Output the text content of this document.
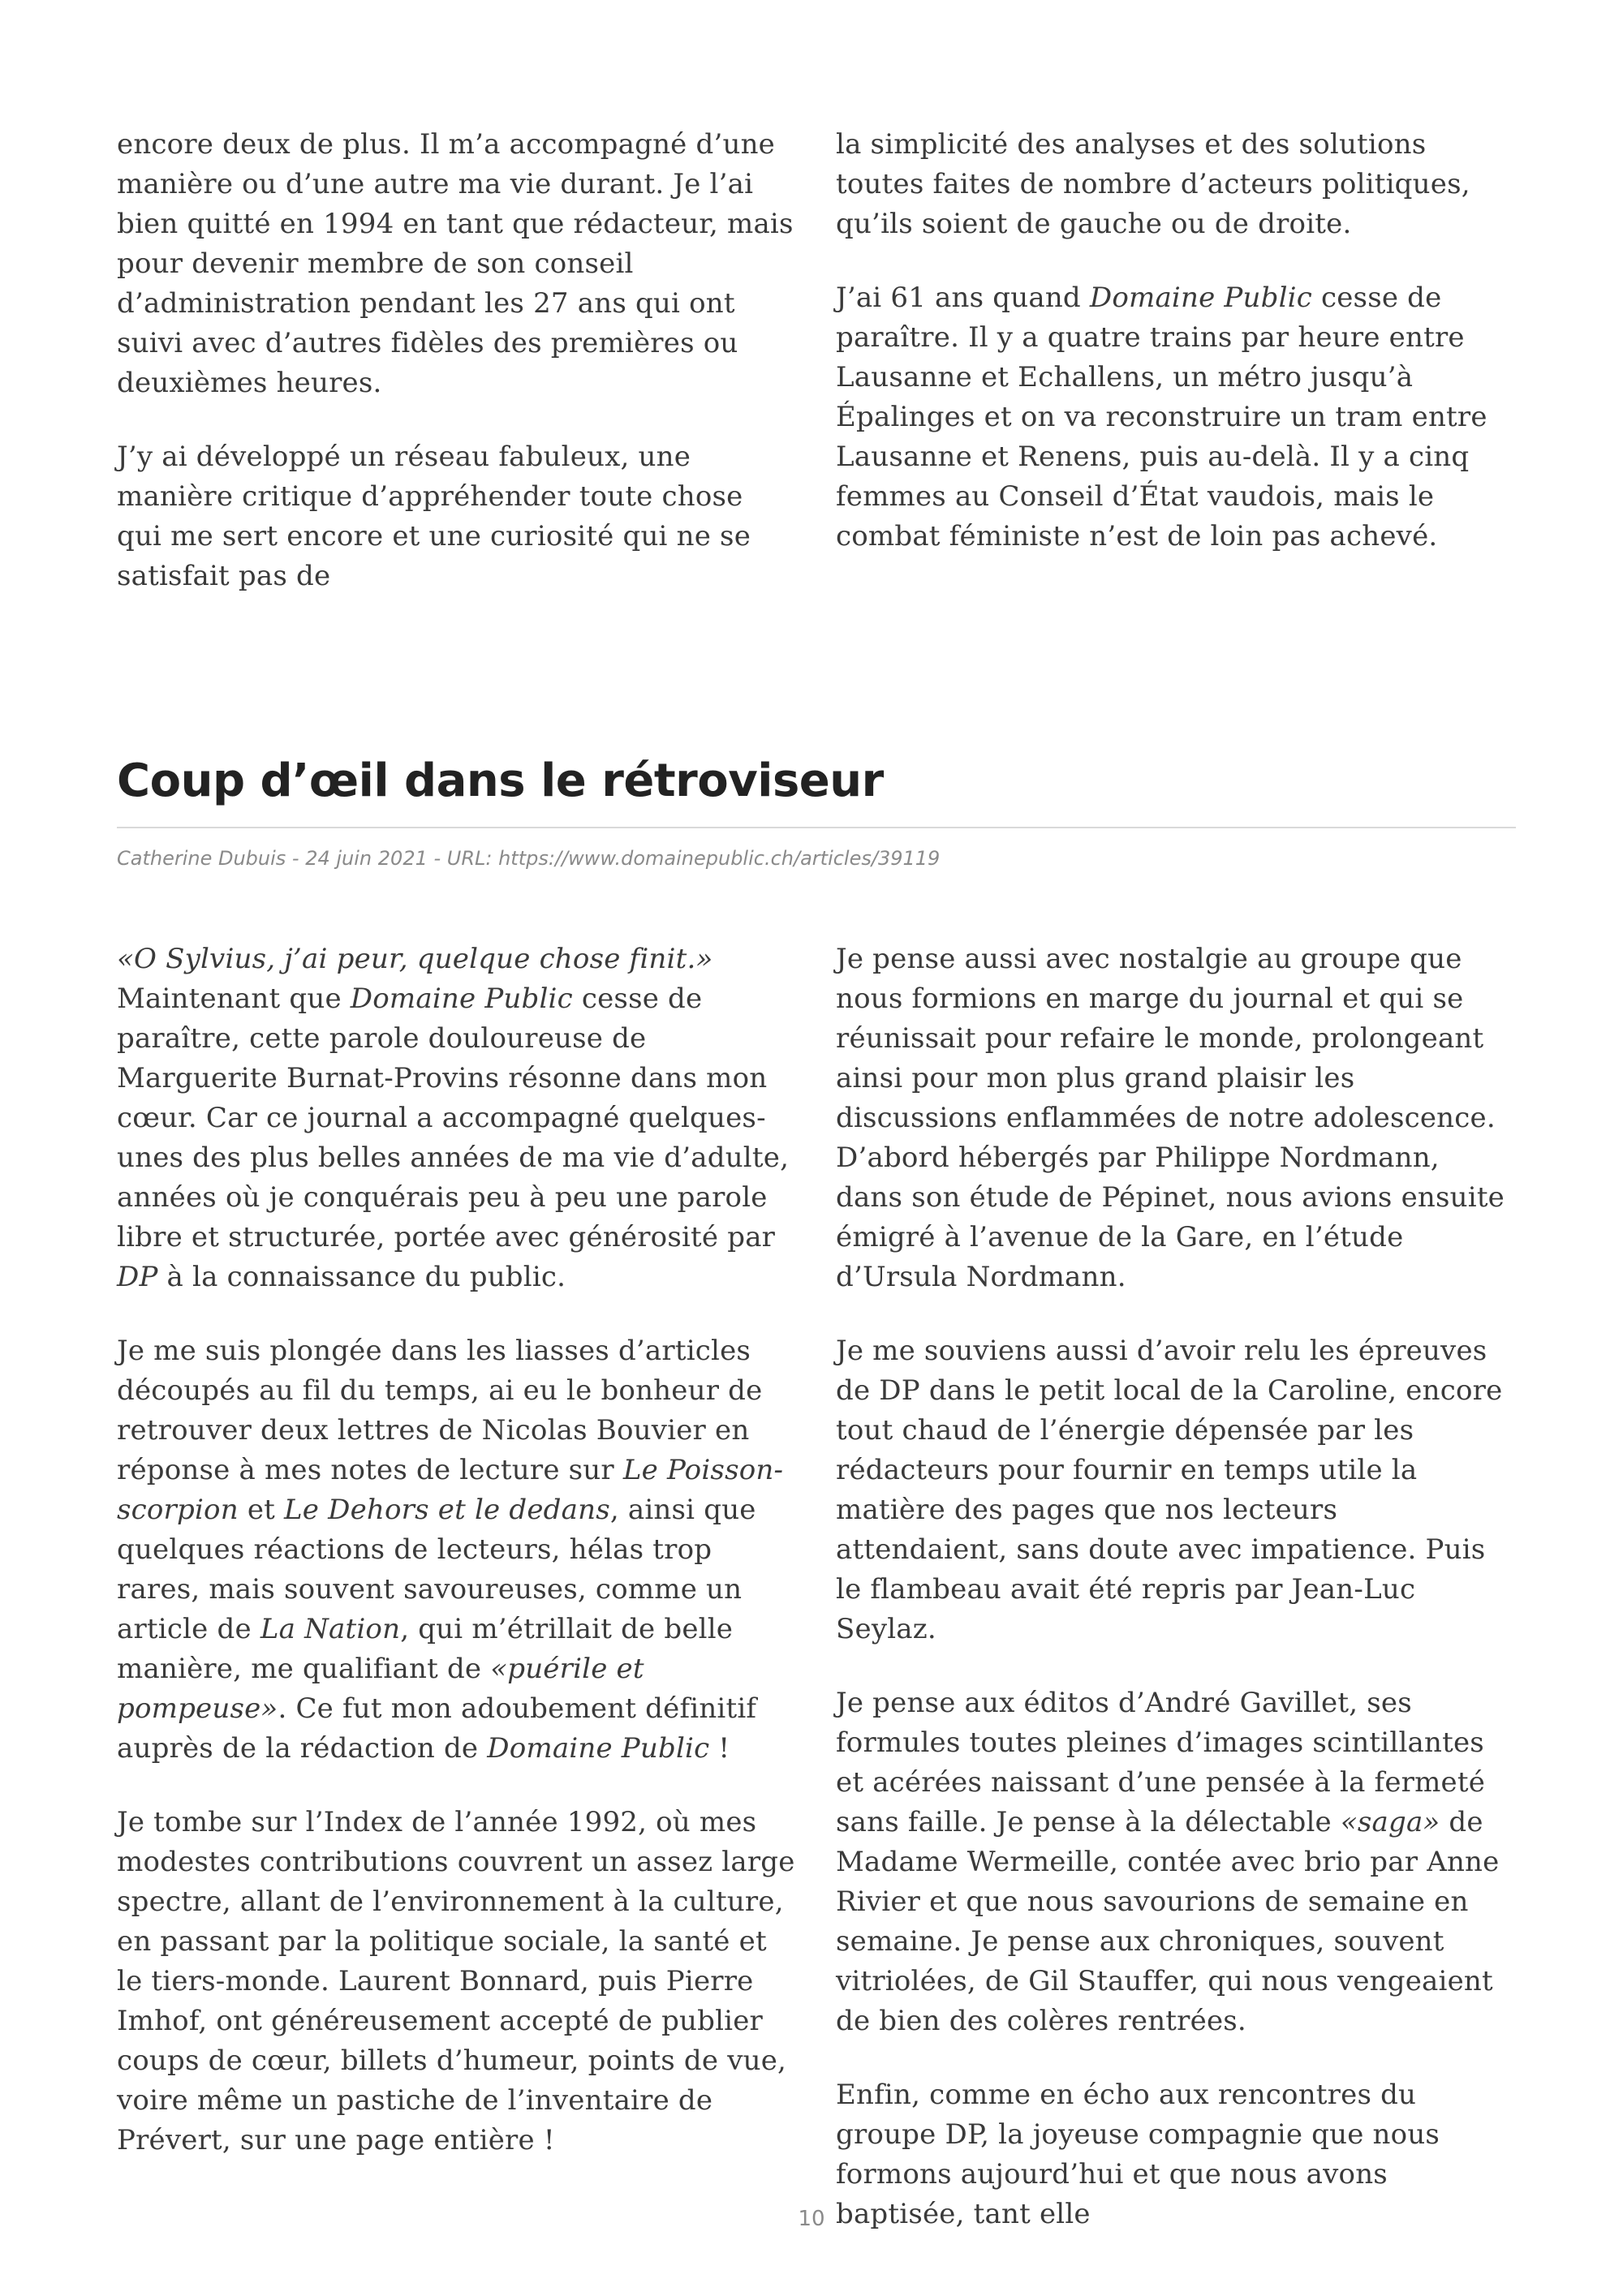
encore deux de plus. Il m’a accompagné d’une manière ou d’une autre ma vie durant. Je l’ai bien quitté en 1994 en tant que rédacteur, mais pour devenir membre de son conseil d’administration pendant les 27 ans qui ont suivi avec d’autres fidèles des premières ou deuxièmes heures.

J’y ai développé un réseau fabuleux, une manière critique d’appréhender toute chose qui me sert encore et une curiosité qui ne se satisfait pas de

la simplicité des analyses et des solutions toutes faites de nombre d’acteurs politiques, qu’ils soient de gauche ou de droite.

J’ai 61 ans quand Domaine Public cesse de paraître. Il y a quatre trains par heure entre Lausanne et Echallens, un métro jusqu’à Épalinges et on va reconstruire un tram entre Lausanne et Renens, puis au-delà. Il y a cinq femmes au Conseil d’État vaudois, mais le combat féministe n’est de loin pas achevé.

Coup d’œil dans le rétroviseur
Catherine Dubuis - 24 juin 2021 - URL: https://www.domainepublic.ch/articles/39119

«O Sylvius, j’ai peur, quelque chose finit.» Maintenant que Domaine Public cesse de paraître, cette parole douloureuse de Marguerite Burnat-Provins résonne dans mon cœur. Car ce journal a accompagné quelques-unes des plus belles années de ma vie d’adulte, années où je conquérais peu à peu une parole libre et structurée, portée avec générosité par DP à la connaissance du public.

Je me suis plongée dans les liasses d’articles découpés au fil du temps, ai eu le bonheur de retrouver deux lettres de Nicolas Bouvier en réponse à mes notes de lecture sur Le Poisson-scorpion et Le Dehors et le dedans, ainsi que quelques réactions de lecteurs, hélas trop rares, mais souvent savoureuses, comme un article de La Nation, qui m’étrillait de belle manière, me qualifiant de «puérile et pompeuse». Ce fut mon adoubement définitif auprès de la rédaction de Domaine Public !

Je tombe sur l’Index de l’année 1992, où mes modestes contributions couvrent un assez large spectre, allant de l’environnement à la culture, en passant par la politique sociale, la santé et le tiers-monde. Laurent Bonnard, puis Pierre Imhof, ont généreusement accepté de publier coups de cœur, billets d’humeur, points de vue, voire même un pastiche de l’inventaire de Prévert, sur une page entière !

Je pense aussi avec nostalgie au groupe que nous formions en marge du journal et qui se réunissait pour refaire le monde, prolongeant ainsi pour mon plus grand plaisir les discussions enflammées de notre adolescence. D’abord hébergés par Philippe Nordmann, dans son étude de Pépinet, nous avions ensuite émigré à l’avenue de la Gare, en l’étude d’Ursula Nordmann.

Je me souviens aussi d’avoir relu les épreuves de DP dans le petit local de la Caroline, encore tout chaud de l’énergie dépensée par les rédacteurs pour fournir en temps utile la matière des pages que nos lecteurs attendaient, sans doute avec impatience. Puis le flambeau avait été repris par Jean-Luc Seylaz.

Je pense aux éditos d’André Gavillet, ses formules toutes pleines d’images scintillantes et acérées naissant d’une pensée à la fermeté sans faille. Je pense à la délectable «saga» de Madame Wermeille, contée avec brio par Anne Rivier et que nous savourions de semaine en semaine. Je pense aux chroniques, souvent vitriolées, de Gil Stauffer, qui nous vengeaient de bien des colères rentrées.

Enfin, comme en écho aux rencontres du groupe DP, la joyeuse compagnie que nous formons aujourd’hui et que nous avons baptisée, tant elle

10
